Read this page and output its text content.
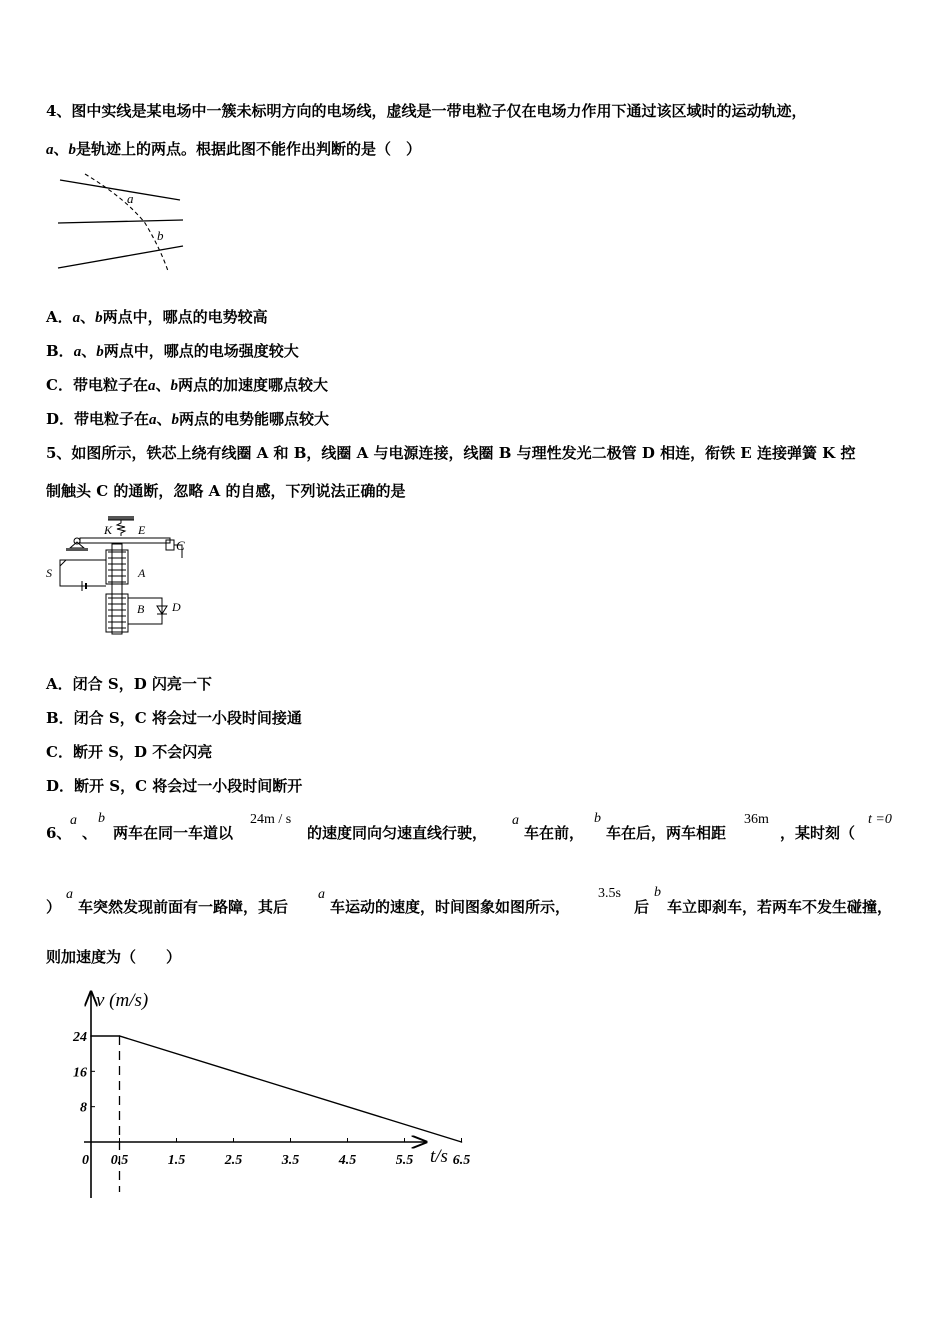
4、图中实线是某电场中一簇未标明方向的电场线，虚线是一带电粒子仅在电场力作用下通过该区域时的运动轨迹，
a、b是轨迹上的两点。根据此图不能作出判断的是（　）
a
b
A．a、b两点中，哪点的电势较高
B．a、b两点中，哪点的电场强度较大
C．带电粒子在a、b两点的加速度哪点较大
D．带电粒子在a、b两点的电势能哪点较大
5、如图所示，铁芯上绕有线圈 A 和 B，线圈 A 与电源连接，线圈 B 与理性发光二极管 D 相连，衔铁 E 连接弹簧 K 控
制触头 C 的通断，忽略 A 的自感，下列说法正确的是
K E
C
A
S
B D
A．闭合 S，D 闪亮一下
B．闭合 S，C 将会过一小段时间接通
C．断开 S，D 不会闪亮
D．断开 S，C 将会过一小段时间断开
6、
a
、
b
两车在同一车道以
24m / s
的速度同向匀速直线行驶，
a
车在前，
b
车在后，两车相距
36m
，某时刻（
t =0
）
a
车突然发现前面有一路障，其后
a
车运动的速度，时间图象如图所示，
3.5s
后
b
车立即刹车，若两车不发生碰撞，
则加速度为（　　）
v (m/s)
t/s
8
16
24
0 0.5	1.5	2.5	3.5	4.5	5.5	6.5
